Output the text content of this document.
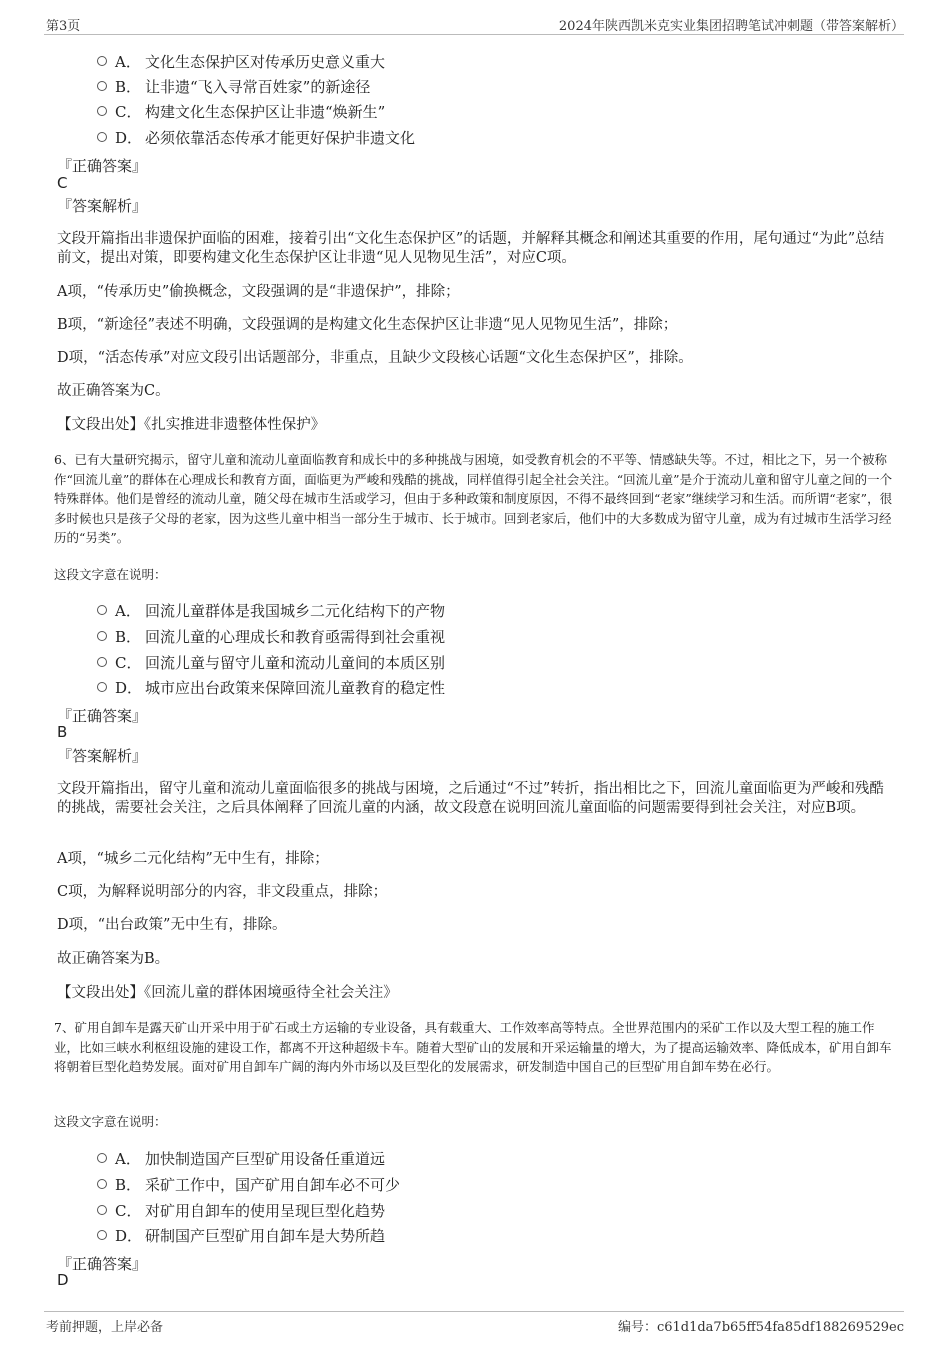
第3页	2024年陕西凯米克实业集团招聘笔试冲刺题（带答案解析）
A． 文化生态保护区对传承历史意义重大
B． 让非遗“飞入寻常百姓家”的新途径
C． 构建文化生态保护区让非遗“焕新生”
D． 必须依靠活态传承才能更好保护非遗文化
『正确答案』
C
『答案解析』
文段开篇指出非遗保护面临的困难，接着引出“文化生态保护区”的话题，并解释其概念和阐述其重要的作用，尾句通过“为此”总结前文，提出对策，即要构建文化生态保护区让非遗“见人见物见生活”，对应C项。
A项，“传承历史”偷换概念，文段强调的是“非遗保护”，排除；
B项，“新途径”表述不明确，文段强调的是构建文化生态保护区让非遗“见人见物见生活”，排除；
D项，“活态传承”对应文段引出话题部分，非重点，且缺少文段核心话题“文化生态保护区”，排除。
故正确答案为C。
【文段出处】《扎实推进非遗整体性保护》
6、已有大量研究揭示，留守儿童和流动儿童面临教育和成长中的多种挑战与困境，如受教育机会的不平等、情感缺失等。不过，相比之下，另一个被称作“回流儿童”的群体在心理成长和教育方面，面临更为严峻和残酷的挑战，同样值得引起全社会关注。“回流儿童”是介于流动儿童和留守儿童之间的一个特殊群体。他们是曾经的流动儿童，随父母在城市生活或学习，但由于多种政策和制度原因，不得不最终回到“老家”继续学习和生活。而所谓“老家”，很多时候也只是孩子父母的老家，因为这些儿童中相当一部分生于城市、长于城市。回到老家后，他们中的大多数成为留守儿童，成为有过城市生活学习经历的“另类”。
这段文字意在说明：
A． 回流儿童群体是我国城乡二元化结构下的产物
B． 回流儿童的心理成长和教育亟需得到社会重视
C． 回流儿童与留守儿童和流动儿童间的本质区别
D． 城市应出台政策来保障回流儿童教育的稳定性
『正确答案』
B
『答案解析』
文段开篇指出，留守儿童和流动儿童面临很多的挑战与困境，之后通过“不过”转折，指出相比之下，回流儿童面临更为严峻和残酷的挑战，需要社会关注，之后具体阐释了回流儿童的内涵，故文段意在说明回流儿童面临的问题需要得到社会关注，对应B项。
A项，“城乡二元化结构”无中生有，排除；
C项，为解释说明部分的内容，非文段重点，排除；
D项，“出台政策”无中生有，排除。
故正确答案为B。
【文段出处】《回流儿童的群体困境亟待全社会关注》
7、矿用自卸车是露天矿山开采中用于矿石或土方运输的专业设备，具有载重大、工作效率高等特点。全世界范围内的采矿工作以及大型工程的施工作业，比如三峡水利枢纽设施的建设工作，都离不开这种超级卡车。随着大型矿山的发展和开采运输量的增大，为了提高运输效率、降低成本，矿用自卸车将朝着巨型化趋势发展。面对矿用自卸车广阔的海内外市场以及巨型化的发展需求，研发制造中国自己的巨型矿用自卸车势在必行。
这段文字意在说明：
A． 加快制造国产巨型矿用设备任重道远
B． 采矿工作中，国产矿用自卸车必不可少
C． 对矿用自卸车的使用呈现巨型化趋势
D． 研制国产巨型矿用自卸车是大势所趋
『正确答案』
D
考前押题，上岸必备	编号：c61d1da7b65ff54fa85df188269529ec
